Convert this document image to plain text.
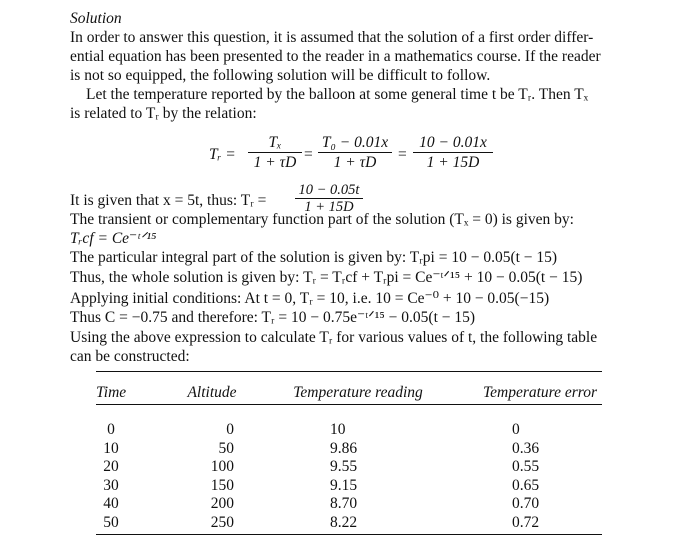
Solution
In order to answer this question, it is assumed that the solution of a first order differ-
ential equation has been presented to the reader in a mathematics course. If the reader
is not so equipped, the following solution will be difficult to follow.
Let the temperature reported by the balloon at some general time t be Tᵣ. Then Tₓ
is related to Tᵣ by the relation:
Tᵣ = $\frac{\text{Tₓ}}{1 + \tau D} = \frac{\text{T₀ − 0.01x}}{1 + \tau D} = \frac{10 - 0.01x}{1 + 15D}$
It is given that x = 5t, thus: Tᵣ = $\frac{10 - 0.05t}{1 + 15D}$
The transient or complementary function part of the solution (Tₓ = 0) is given by:
Tᵣcf = Ce⁻ᵗᐟ¹⁵
The particular integral part of the solution is given by: Tᵣpi = 10 − 0.05(t − 15)
Thus, the whole solution is given by: Tᵣ = Tᵣcf + Tᵣpi = Ce⁻ᵗᐟ¹⁵ + 10 − 0.05(t − 15)
Applying initial conditions: At t = 0, Tᵣ = 10, i.e. 10 = Ce⁻⁰ + 10 − 0.05(−15)
Thus C = −0.75 and therefore: Tᵣ = 10 − 0.75e⁻ᵗᐟ¹⁵ − 0.05(t − 15)
Using the above expression to calculate Tᵣ for various values of t, the following table
can be constructed:
Time	Altitude	Temperature reading	Temperature error
0	0	10	0
10	50	9.86	0.36
20	100	9.55	0.55
30	150	9.15	0.65
40	200	8.70	0.70
50	250	8.22	0.72
